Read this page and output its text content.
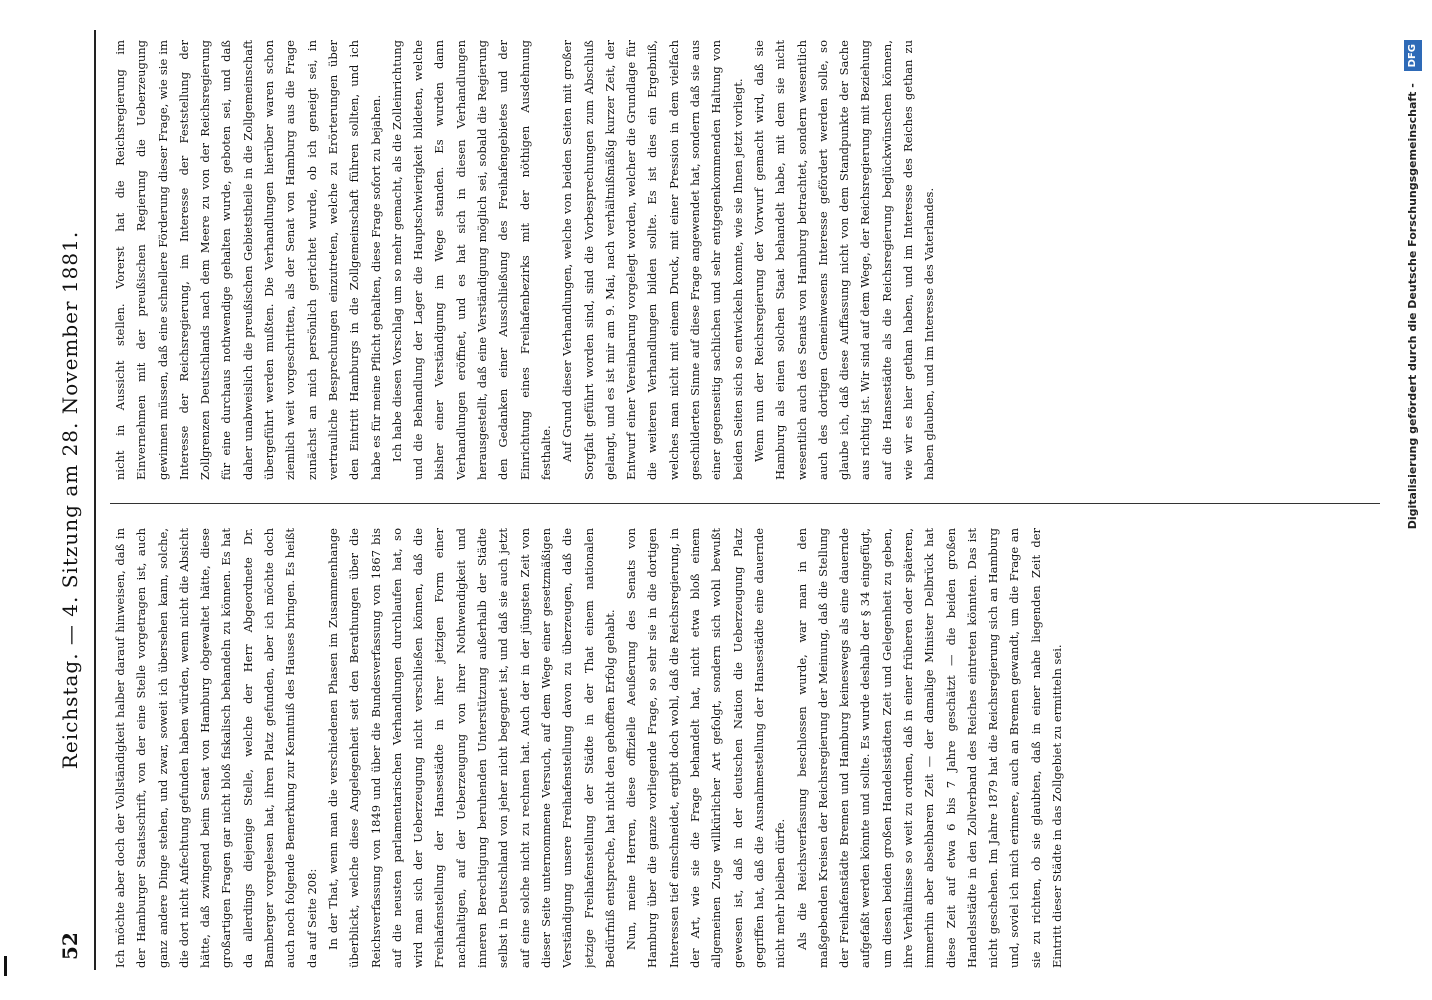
52
Reichstag. — 4. Sitzung am 28. November 1881.	Ich möchte aber doch der Vollständigkeit halber darauf hinweisen, daß in der Hamburger Staatsschrift, von der eine Stelle vorgetragen ist, auch ganz andere Dinge stehen, und zwar, soweit ich übersehen kann, solche, die dort nicht Anfechtung gefunden haben würden, wenn nicht die Absicht hätte, daß zwingend beim Senat von Hamburg obgewaltet hätte, diese großartigen Fragen gar nicht bloß fiskalisch behandeln zu können. Es hat da allerdings diejenige Stelle, welche der Herr Abgeordnete Dr. Bamberger vorgelesen hat, ihren Platz gefunden, aber ich möchte doch auch noch folgende Bemerkung zur Kenntniß des Hauses bringen. Es heißt da auf Seite 208: In der That, wenn man die verschiedenen Phasen im Zusammenhange überblickt, welche diese Angelegenheit seit den Berathungen über die Reichsverfassung von 1849 und über die Bundesverfassung von 1867 bis auf die neusten parlamentarischen Verhandlungen durchlaufen hat, so wird man sich der Ueberzeugung nicht verschließen können, daß die Freihafenstellung der Hansestädte in ihrer jetzigen Form einer nachhaltigen, auf der Ueberzeugung von ihrer Nothwendigkeit und inneren Berechtigung beruhenden Unterstützung außerhalb der Städte selbst in Deutschland von jeher nicht begegnet ist, und daß sie auch jetzt auf eine solche nicht zu rechnen hat. Auch der in der jüngsten Zeit von dieser Seite unternommene Versuch, auf dem Wege einer gesetzmäßigen Verständigung unsere Freihafenstellung davon zu überzeugen, daß die jetzige Freihafenstellung der Städte in der That einem nationalen Bedürfniß entspreche, hat nicht den gehofften Erfolg gehabt. Nun, meine Herren, diese offizielle Aeußerung des Senats von Hamburg über die ganze vorliegende Frage, so sehr sie in die dortigen Interessen tief einschneidet, ergibt doch wohl, daß die Reichsregierung, in der Art, wie sie die Frage behandelt hat, nicht etwa bloß einem allgemeinen Zuge willkürlicher Art gefolgt, sondern sich wohl bewußt gewesen ist, daß in der deutschen Nation die Ueberzeugung Platz gegriffen hat, daß die Ausnahmestellung der Hansestädte eine dauernde nicht mehr bleiben dürfe. Als die Reichsverfassung beschlossen wurde, war man in den maßgebenden Kreisen der Reichsregierung der Meinung, daß die Stellung der Freihafenstädte Bremen und Hamburg keineswegs als eine dauernde aufgefaßt werden könnte und sollte. Es wurde deshalb der § 34 eingefügt, um diesen beiden großen Handelsstädten Zeit und Gelegenheit zu geben, ihre Verhältnisse so weit zu ordnen, daß in einer früheren oder späteren, immerhin aber absehbaren Zeit — der damalige Minister Delbrück hat diese Zeit auf etwa 6 bis 7 Jahre geschätzt — die beiden großen Handelsstädte in den Zollverband des Reiches eintreten könnten. Das ist nicht geschehen. Im Jahre 1879 hat die Reichsregierung sich an Hamburg und, soviel ich mich erinnere, auch an Bremen gewandt, um die Frage an sie zu richten, ob sie glaubten, daß in einer nahe liegenden Zeit der Eintritt dieser Städte in das Zollgebiet zu ermitteln sei.

nicht in Aussicht stellen. Vorerst hat die Reichsregierung im Einvernehmen mit der preußischen Regierung die Ueberzeugung gewinnen müssen, daß eine schnellere Förderung dieser Frage, wie sie im Interesse der Reichsregierung, im Interesse der Feststellung der Zollgrenzen Deutschlands nach dem Meere zu von der Reichsregierung für eine durchaus nothwendige gehalten wurde, geboten sei, und daß daher unabweislich die preußischen Gebietstheile in die Zollgemeinschaft übergeführt werden mußten. Die Verhandlungen hierüber waren schon ziemlich weit vorgeschritten, als der Senat von Hamburg aus die Frage zunächst an mich persönlich gerichtet wurde, ob ich geneigt sei, in vertrauliche Besprechungen einzutreten, welche zu Erörterungen über den Eintritt Hamburgs in die Zollgemeinschaft führen sollten, und ich habe es für meine Pflicht gehalten, diese Frage sofort zu bejahen. Ich habe diesen Vorschlag um so mehr gemacht, als die Zolleinrichtung und die Behandlung der Lager die Hauptschwierigkeit bildeten, welche bisher einer Verständigung im Wege standen. Es wurden dann Verhandlungen eröffnet, und es hat sich in diesen Verhandlungen herausgestellt, daß eine Verständigung möglich sei, sobald die Regierung den Gedanken einer Ausschließung des Freihafengebietes und der Einrichtung eines Freihafenbezirks mit der nöthigen Ausdehnung festhalte. Auf Grund dieser Verhandlungen, welche von beiden Seiten mit großer Sorgfalt geführt worden sind, sind die Vorbesprechungen zum Abschluß gelangt, und es ist mir am 9. Mai, nach verhältnißmäßig kurzer Zeit, der Entwurf einer Vereinbarung vorgelegt worden, welcher die Grundlage für die weiteren Verhandlungen bilden sollte. Es ist dies ein Ergebniß, welches man nicht mit einem Druck, mit einer Pression in dem vielfach geschilderten Sinne auf diese Frage angewendet hat, sondern daß sie aus einer gegenseitig sachlichen und sehr entgegenkommenden Haltung von beiden Seiten sich so entwickeln konnte, wie sie Ihnen jetzt vorliegt. Wenn nun der Reichsregierung der Vorwurf gemacht wird, daß sie Hamburg als einen solchen Staat behandelt habe, mit dem sie nicht wesentlich auch des Senats von Hamburg betrachtet, sondern wesentlich auch des dortigen Gemeinwesens Interesse gefördert werden solle, so glaube ich, daß diese Auffassung nicht von dem Standpunkte der Sache aus richtig ist. Wir sind auf dem Wege, der Reichsregierung mit Beziehung auf die Hansestädte als die Reichsregierung beglückwünschen können, wie wir es hier gethan haben, und im Interesse des Reiches gethan zu haben glauben, und im Interesse des Vaterlandes.	Digitalisierung gefördert durch die Deutsche Forschungsgemeinschaft - DFG
